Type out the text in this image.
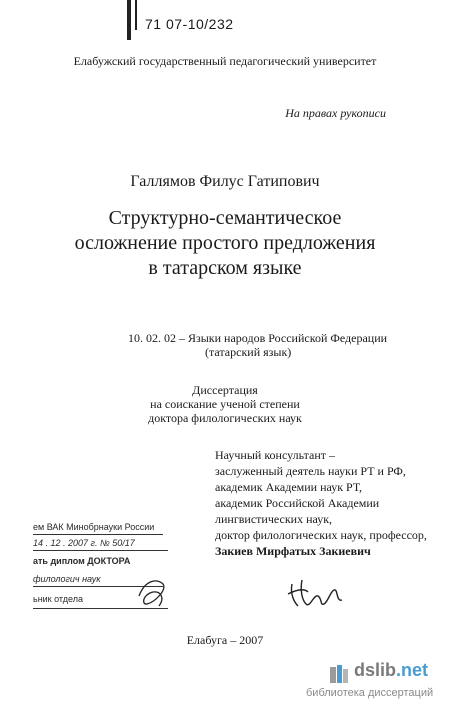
71 07-10/232
Елабужский государственный педагогический университет
На правах рукописи
Галлямов Филус Гатипович
Структурно-семантическое
осложнение простого предложения
в татарском языке
10. 02. 02 – Языки народов Российской Федерации
(татарский язык)
Диссертация
на соискание ученой степени
доктора филологических наук
Научный консультант –
заслуженный деятель науки РТ и РФ,
академик Академии наук РТ,
академик Российской Академии
лингвистических наук,
доктор филологических наук, профессор,
Закиев Мирфатых Закиевич
ем ВАК Минобрнауки России
14 . 12 . 2007 г. № 50/17
ать диплом ДОКТОРА
филологич наук
ьник отдела
Елабуга – 2007
dslib.net
библиотека диссертаций
